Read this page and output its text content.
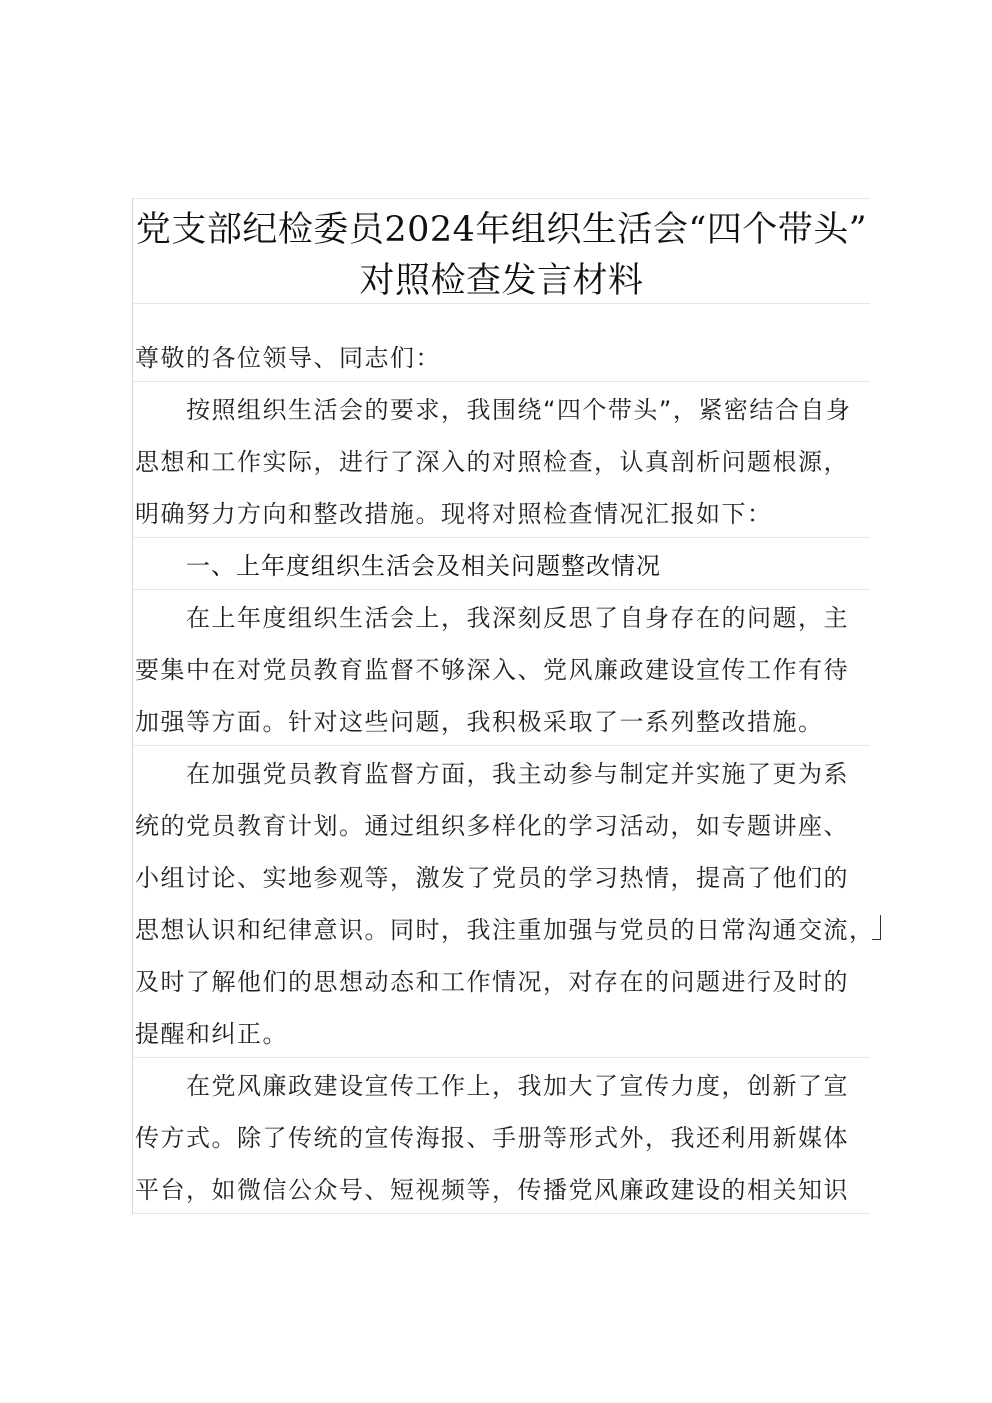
党支部纪检委员2024年组织生活会“四个带头”
对照检查发言材料
尊敬的各位领导、同志们：
按照组织生活会的要求，我围绕“四个带头”，紧密结合自身
思想和工作实际，进行了深入的对照检查，认真剖析问题根源，
明确努力方向和整改措施。现将对照检查情况汇报如下：
一、上年度组织生活会及相关问题整改情况
在上年度组织生活会上，我深刻反思了自身存在的问题，主
要集中在对党员教育监督不够深入、党风廉政建设宣传工作有待
加强等方面。针对这些问题，我积极采取了一系列整改措施。
在加强党员教育监督方面，我主动参与制定并实施了更为系
统的党员教育计划。通过组织多样化的学习活动，如专题讲座、
小组讨论、实地参观等，激发了党员的学习热情，提高了他们的
思想认识和纪律意识。同时，我注重加强与党员的日常沟通交流，
及时了解他们的思想动态和工作情况，对存在的问题进行及时的
提醒和纠正。
在党风廉政建设宣传工作上，我加大了宣传力度，创新了宣
传方式。除了传统的宣传海报、手册等形式外，我还利用新媒体
平台，如微信公众号、短视频等，传播党风廉政建设的相关知识
